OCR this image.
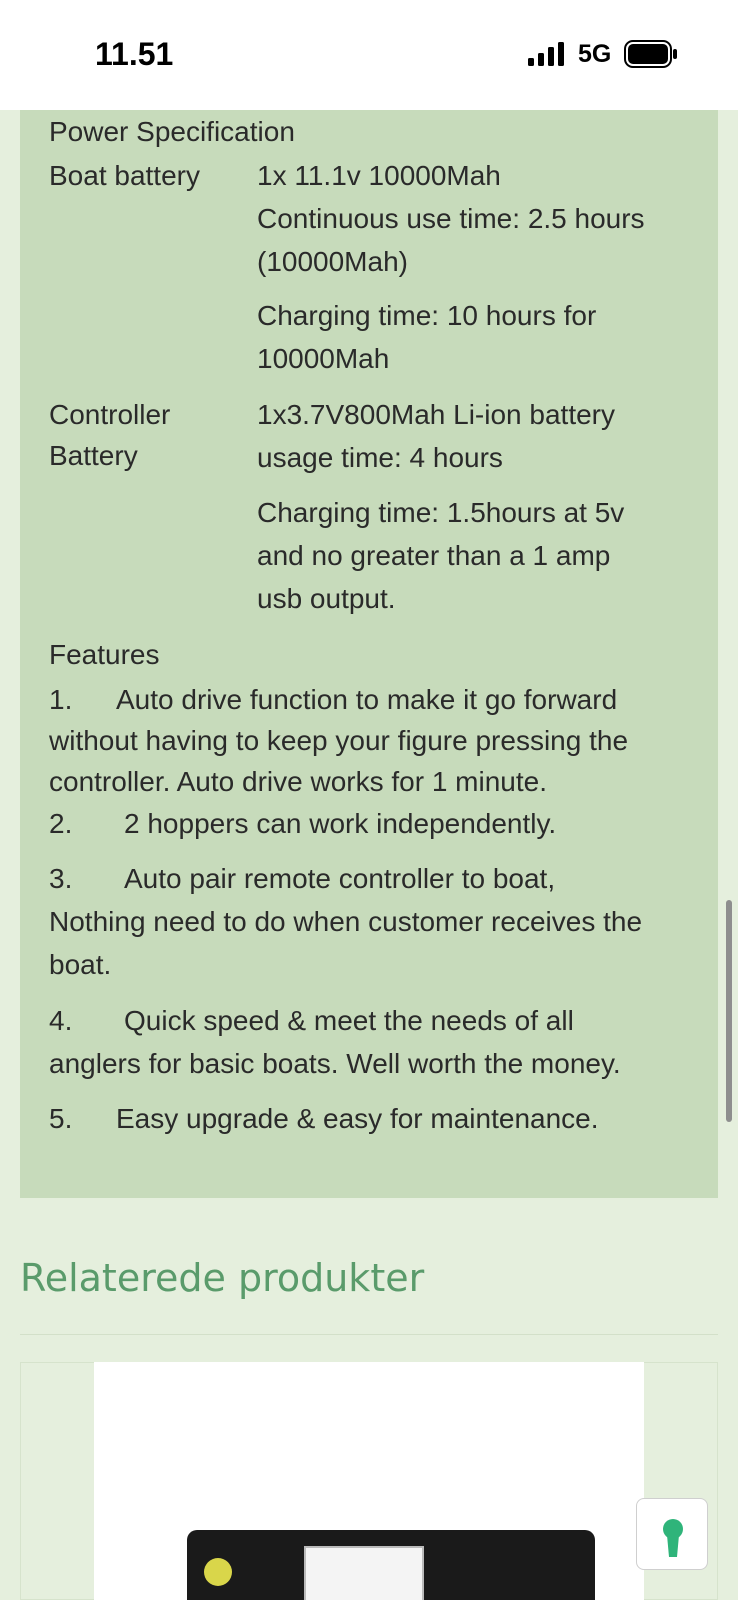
11.51	5G
Power Specification
Boat battery 1x 11.1v 10000Mah
Continuous use time: 2.5 hours
(10000Mah)
Charging time: 10 hours for
10000Mah
Controller
Battery
1x3.7V800Mah Li-ion battery
usage time: 4 hours
Charging time: 1.5hours at 5v
and no greater than a 1 amp
usb output.
Features
1. Auto drive function to make it go forward
without having to keep your figure pressing the
controller. Auto drive works for 1 minute.
2. 2 hoppers can work independently.
3. Auto pair remote controller to boat,
Nothing need to do when customer receives the
boat.
4. Quick speed & meet the needs of all
anglers for basic boats. Well worth the money.
5. Easy upgrade & easy for maintenance.
Relaterede produkter
